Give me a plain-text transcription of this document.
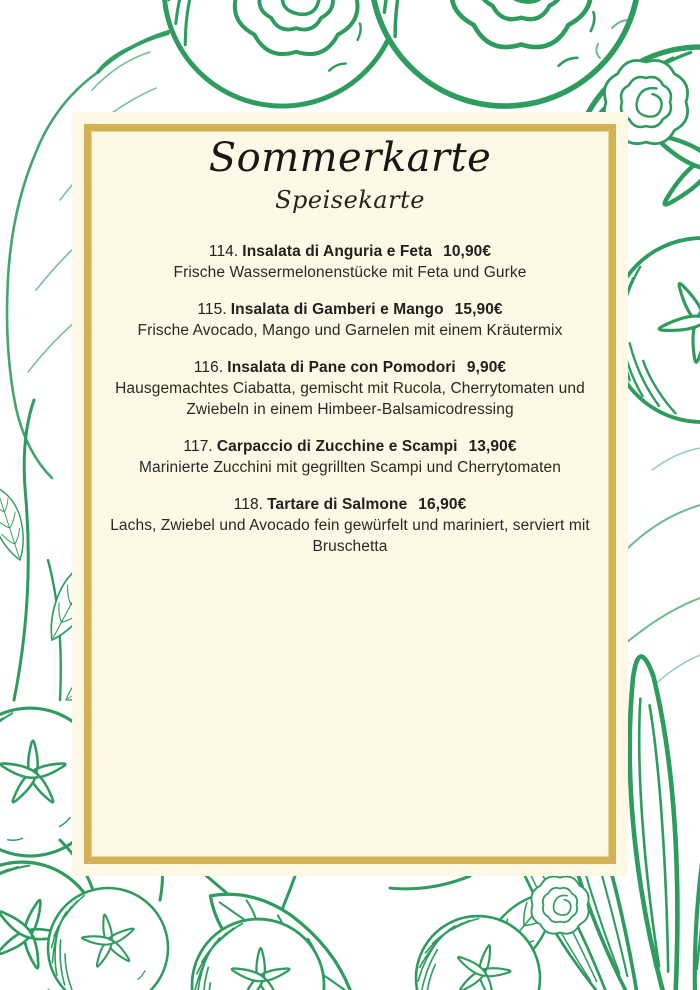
Sommerkarte
Speisekarte
114. Insalata di Anguria e Feta 10,90€
Frische Wassermelonenstücke mit Feta und Gurke
115. Insalata di Gamberi e Mango 15,90€
Frische Avocado, Mango und Garnelen mit einem Kräutermix
116. Insalata di Pane con Pomodori 9,90€
Hausgemachtes Ciabatta, gemischt mit Rucola, Cherrytomaten und Zwiebeln in einem Himbeer-Balsamicodressing
117. Carpaccio di Zucchine e Scampi 13,90€
Marinierte Zucchini mit gegrillten Scampi und Cherrytomaten
118. Tartare di Salmone 16,90€
Lachs, Zwiebel und Avocado fein gewürfelt und mariniert, serviert mit Bruschetta
